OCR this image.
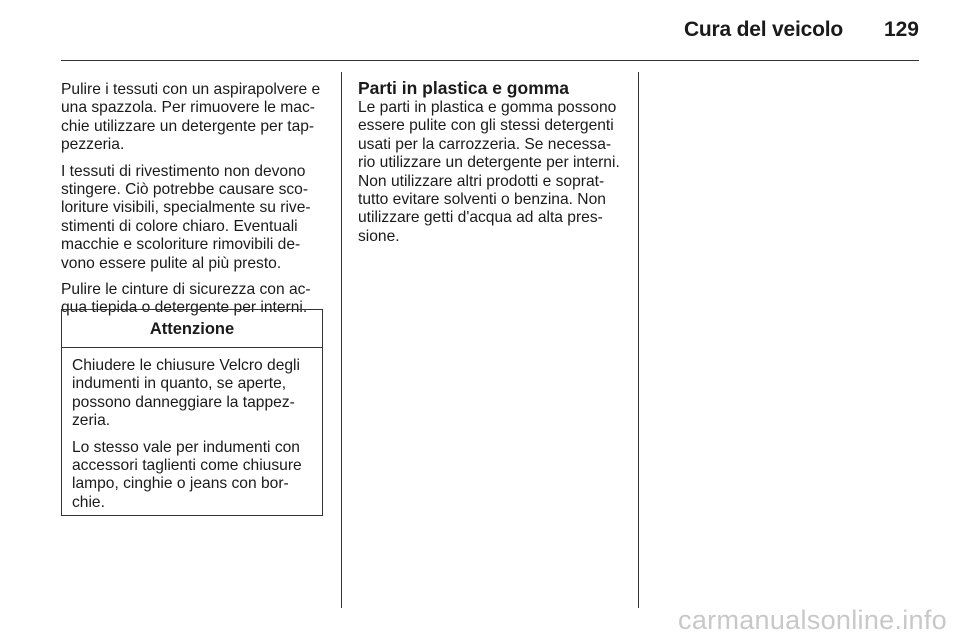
Cura del veicolo 129

Pulire i tessuti con un aspirapolvere e
una spazzola. Per rimuovere le mac-
chie utilizzare un detergente per tap-
pezzeria.

I tessuti di rivestimento non devono
stingere. Ciò potrebbe causare sco-
loriture visibili, specialmente su rive-
stimenti di colore chiaro. Eventuali
macchie e scoloriture rimovibili de-
vono essere pulite al più presto.

Pulire le cinture di sicurezza con ac-
qua tiepida o detergente per interni.

Attenzione

Chiudere le chiusure Velcro degli
indumenti in quanto, se aperte,
possono danneggiare la tappez-
zeria.

Lo stesso vale per indumenti con
accessori taglienti come chiusure
lampo, cinghie o jeans con bor-
chie.

Parti in plastica e gomma

Le parti in plastica e gomma possono
essere pulite con gli stessi detergenti
usati per la carrozzeria. Se necessa-
rio utilizzare un detergente per interni.
Non utilizzare altri prodotti e soprat-
tutto evitare solventi o benzina. Non
utilizzare getti d'acqua ad alta pres-
sione.

carmanualsonline.info
